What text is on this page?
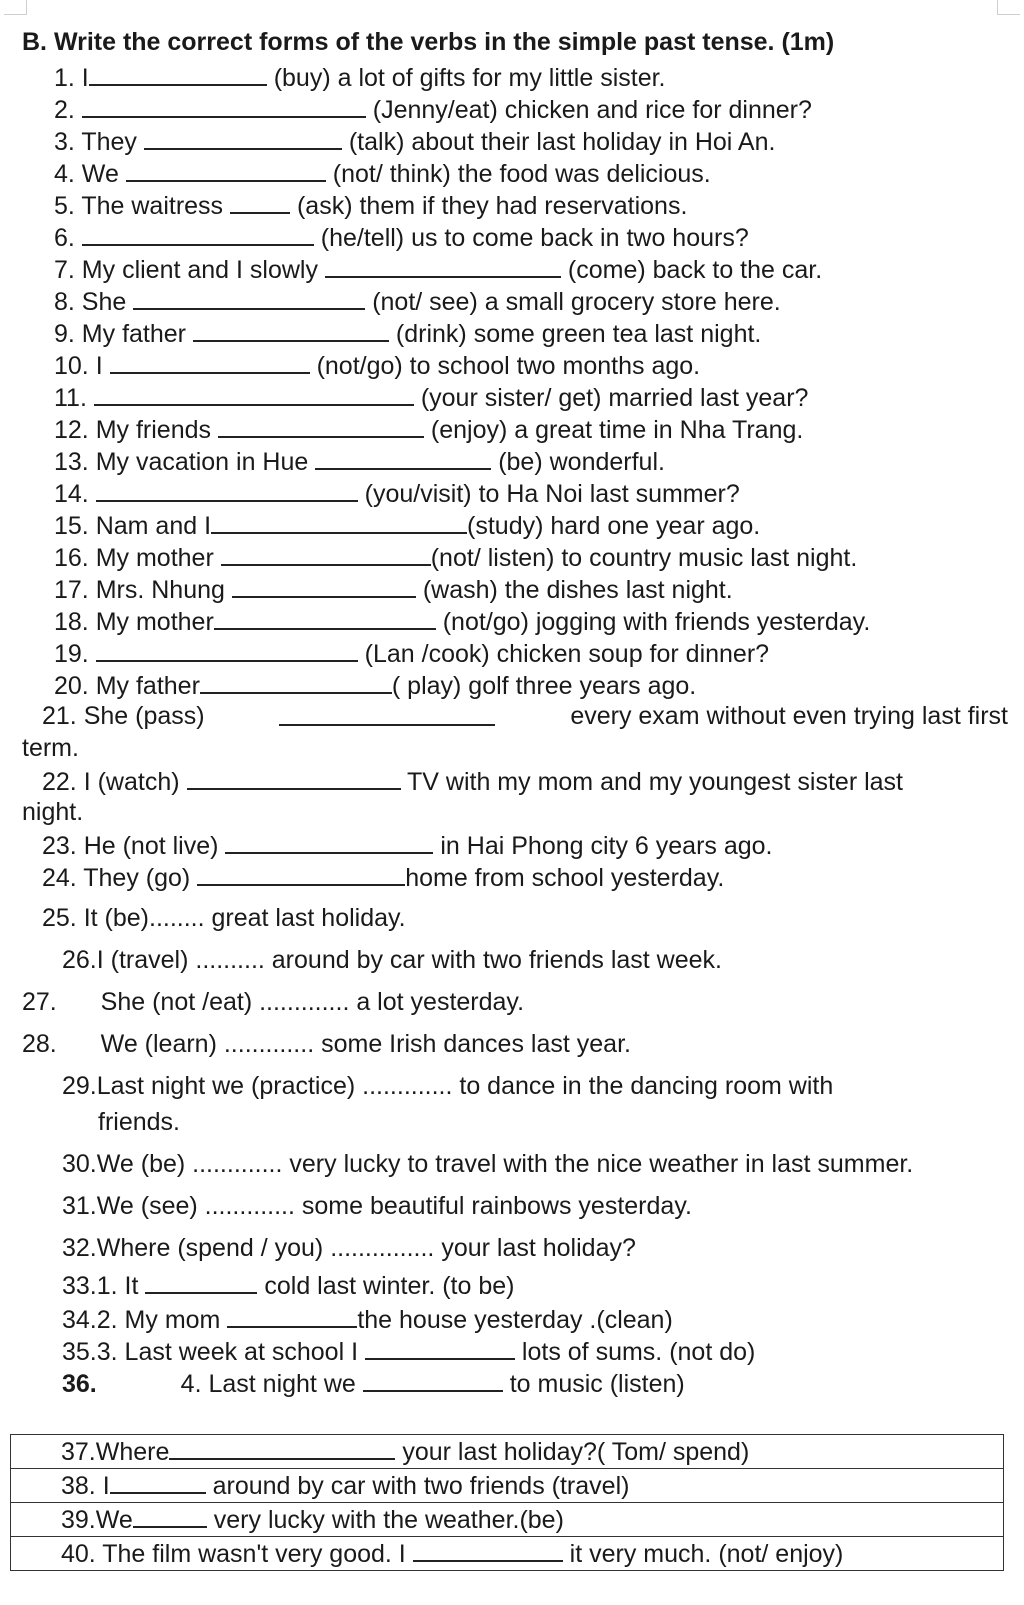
B. Write the correct forms of the verbs in the simple past tense. (1m)
1. I	(buy) a lot of gifts for my little sister.
2.	(Jenny/eat) chicken and rice for dinner?
3. They	(talk) about their last holiday in Hoi An.
4. We	(not/ think) the food was delicious.
5. The waitress	(ask) them if they had reservations.
6.	(he/tell) us to come back in two hours?
7. My client and I slowly	(come) back to the car.
8. She	(not/ see) a small grocery store here.
9. My father	(drink) some green tea last night.
10. I	(not/go) to school two months ago.
11.	(your sister/ get) married last year?
12. My friends	(enjoy) a great time in Nha Trang.
13. My vacation in Hue	(be) wonderful.
14.	(you/visit) to Ha Noi last summer?
15. Nam and I	(study) hard one year ago.
16. My mother	(not/ listen) to country music last night.
17. Mrs. Nhung	(wash) the dishes last night.
18. My mother	(not/go) jogging with friends yesterday.
19.	(Lan /cook) chicken soup for dinner?
20. My father	( play) golf three years ago.
21. She (pass)	every exam without even trying last first
term.
22. I (watch)	TV with my mom and my youngest sister last
night.
23. He (not live)	in Hai Phong city 6 years ago.
24. They (go)	home from school yesterday.
25. It (be)........ great last holiday.
26.I (travel) .......... around by car with two friends last week.
27. She (not /eat) ............. a lot yesterday.
28. We (learn) ............. some Irish dances last year.
29.Last night we (practice) ............. to dance in the dancing room with
friends.
30.We (be) ............. very lucky to travel with the nice weather in last summer.
31.We (see) ............. some beautiful rainbows yesterday.
32.Where (spend / you) ............... your last holiday?
33.1. It	cold last winter. (to be)
34.2. My mom	the house yesterday .(clean)
35.3. Last week at school I	lots of sums. (not do)
36.	4. Last night we	to music (listen)
37.Where	your last holiday?( Tom/ spend)
38. I	around by car with two friends (travel)
39.We	very lucky with the weather.(be)
40. The film wasn't very good. I	it very much. (not/ enjoy)
